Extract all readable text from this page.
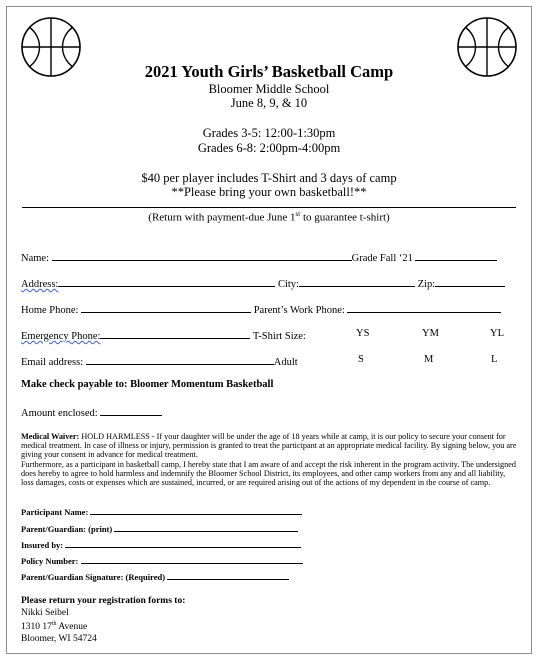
2021 Youth Girls’ Basketball Camp
Bloomer Middle School
June 8, 9, & 10
Grades 3-5: 12:00-1:30pm
Grades 6-8: 2:00pm-4:00pm
$40 per player includes T-Shirt and 3 days of camp
**Please bring your own basketball!**
(Return with payment-due June 1st to guarantee t-shirt)
Name:	Grade Fall ‘21
Address:	City:	Zip:
Home Phone:	Parent’s Work Phone:
Emergency Phone:	T-Shirt Size:	YS	YM	YL
Email address:	Adult	S	M	L
Make check payable to: Bloomer Momentum Basketball
Amount enclosed:
Medical Waiver: HOLD HARMLESS - If your daughter will be under the age of 18 years while at camp, it is our policy to secure your consent for medical treatment. In case of illness or injury, permission is granted to treat the participant at an appropriate medical facility. By signing below, you are giving your consent in advance for medical treatment.
Furthermore, as a participant in basketball camp, I hereby state that I am aware of and accept the risk inherent in the program activity. The undersigned does hereby to agree to hold harmless and indemnify the Bloomer School District, its employees, and other camp workers from any and all liability, loss damages, costs or expenses which are sustained, incurred, or are required arising out of the actions of my dependent in the course of camp.
Participant Name:
Parent/Guardian: (print)
Insured by:
Policy Number:
Parent/Guardian Signature: (Required)
Please return your registration forms to:
Nikki Seibel
1310 17th Avenue
Bloomer, WI 54724
